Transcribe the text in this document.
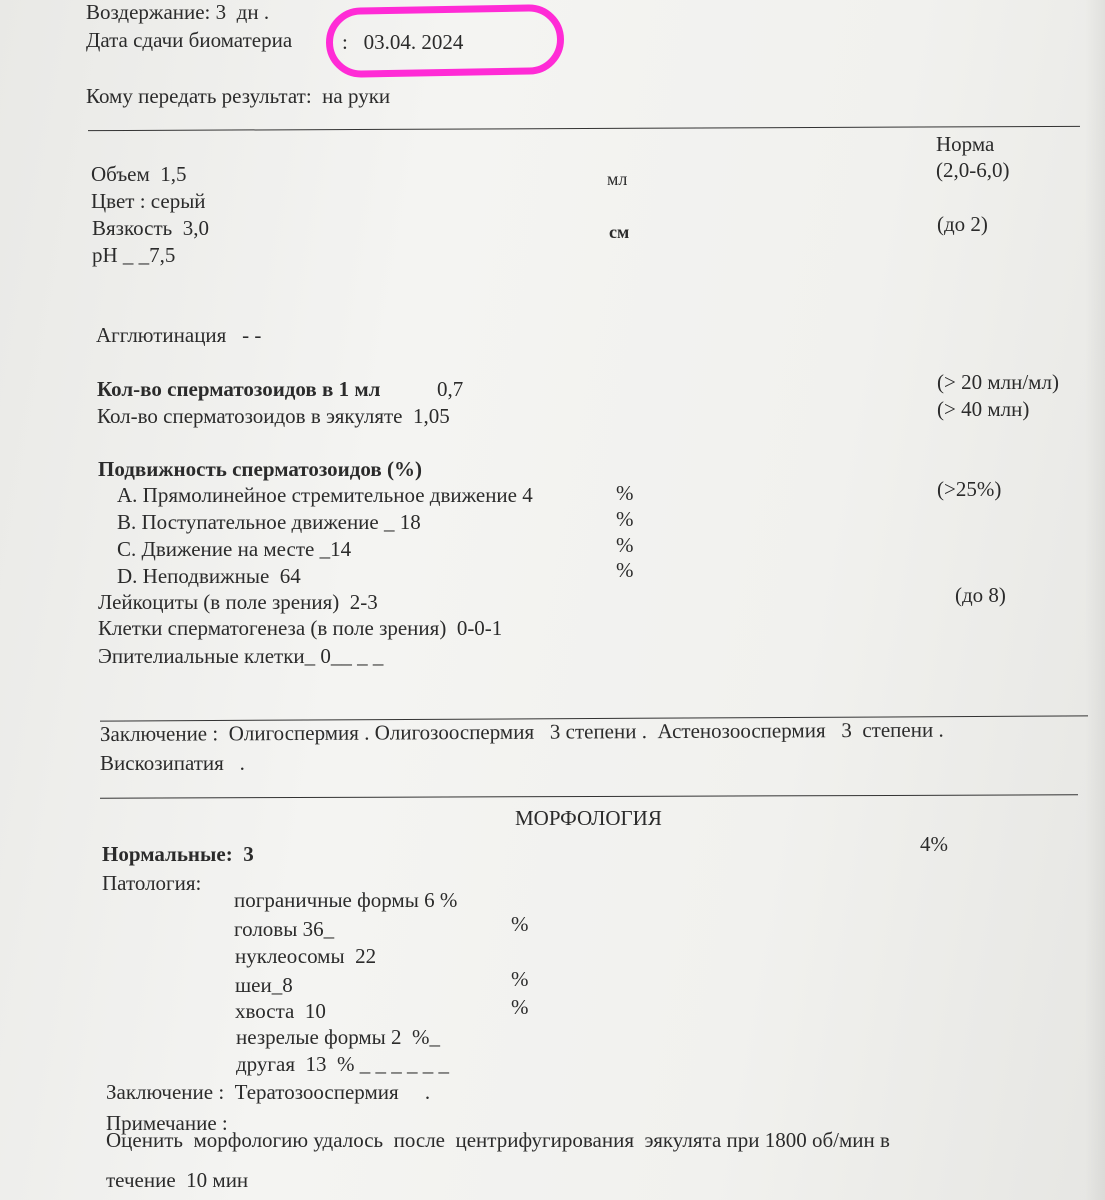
Воздержание: 3  дн .
Дата сдачи биоматериа :   03.04. 2024
Кому передать результат:  на руки
Норма
Объем  1,5	мл	(2,0-6,0)
Цвет : серый
Вязкость  3,0	см	(до 2)
рН _ _7,5
Агглютинация   - -
Кол-во сперматозоидов в 1 мл	0,7	(> 20 млн/мл)
Кол-во сперматозоидов в эякуляте  1,05	(> 40 млн)
Подвижность сперматозоидов (%)
А. Прямолинейное стремительное движение 4	%	(>25%)
В. Поступательное движение _ 18	%
С. Движение на месте _14	%
D. Неподвижные  64	%
Лейкоциты (в поле зрения)  2-3	(до 8)
Клетки сперматогенеза (в поле зрения)  0-0-1
Эпителиальные клетки_ 0__ _ _
Заключение :  Олигоспермия . Олигозооспермия   3 степени .  Астенозооспермия   3  степени .
Вискозипатия   .
МОРФОЛОГИЯ
Нормальные:  3	4%
Патология:
пограничные формы 6 %
головы 36_	%
нуклеосомы  22
шеи_8	%
хвоста  10	%
незрелые формы 2  %_
другая  13  % _ _ _ _ _ _
Заключение :  Тератозооспермия     .
Примечание :
Оценить  морфологию удалось  после  центрифугирования  эякулята при 1800 об/мин в
течение  10 мин
